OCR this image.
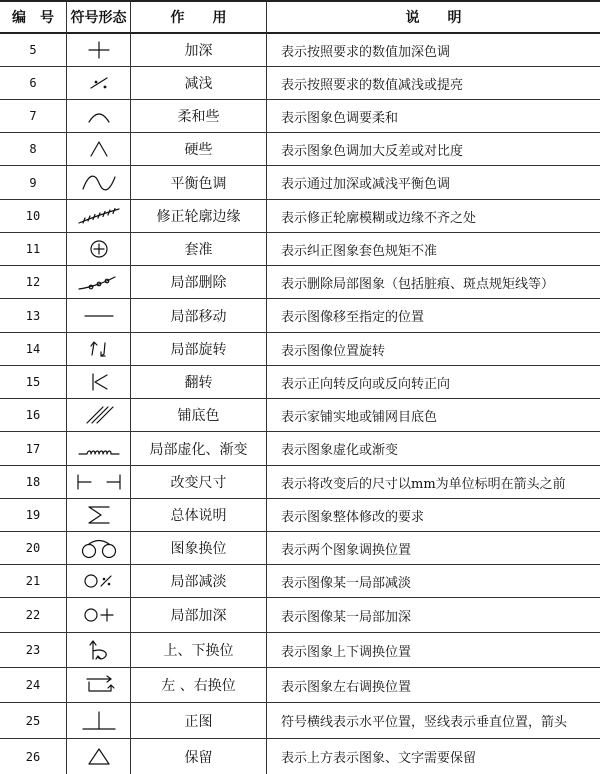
编　号	符号形态	作　　用	说　　明
5	加深	表示按照要求的数值加深色调
6	减浅	表示按照要求的数值减浅或提亮
7	柔和些	表示图象色调要柔和
8	硬些	表示图象色调加大反差或对比度
9	平衡色调	表示通过加深或减浅平衡色调
10	修正轮廓边缘	表示修正轮廓模糊或边缘不齐之处
11	套准	表示纠正图象套色规矩不准
12	局部删除	表示删除局部图象（包括脏痕、斑点规矩线等）
13	局部移动	表示图像移至指定的位置
14	局部旋转	表示图像位置旋转
15	翻转	表示正向转反向或反向转正向
16	铺底色	表示家铺实地或铺网目底色
17	局部虚化、渐变	表示图象虚化或渐变
18	改变尺寸	表示将改变后的尺寸以mm为单位标明在箭头之前
19	总体说明	表示图象整体修改的要求
20	图象换位	表示两个图象调换位置
21	局部减淡	表示图像某一局部减淡
22	局部加深	表示图像某一局部加深
23	上、下换位	表示图象上下调换位置
24	左 、右换位	表示图象左右调换位置
25	正图	符号横线表示水平位置，竖线表示垂直位置，箭头
26	保留	表示上方表示图象、文字需要保留
